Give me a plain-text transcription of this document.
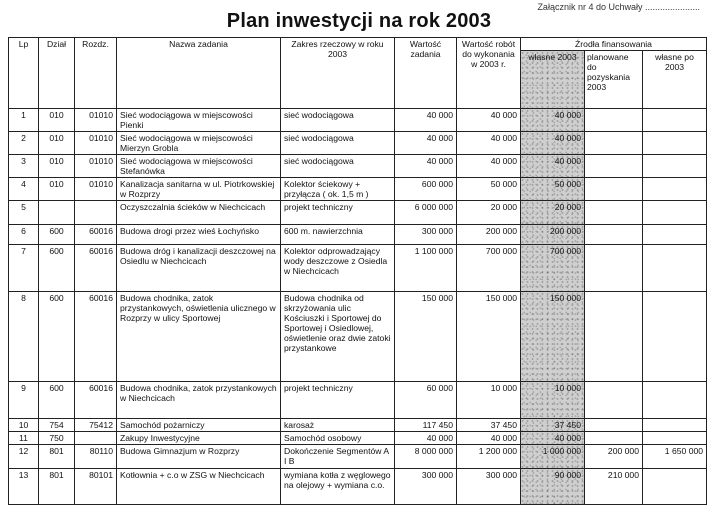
Załącznik nr 4 do Uchwały ......................
Plan inwestycji na rok 2003
Lp	Dział	Rozdz.	Nazwa zadania	Zakres rzeczowy w roku 2003	Wartość zadania	Wartość robót do wykonania w 2003 r.	Źrodła finansowania		
							własne 2003	planowane do pozyskania 2003	własne po 2003
1	010	01010	Sieć wodociągowa w miejscowości Pienki	sieć wodociągowa	40 000	40 000	40 000		
2	010	01010	Sieć wodociągowa w miejscowości Mierzyn Grobla	sieć wodociągowa	40 000	40 000	40 000		
3	010	01010	Sieć wodociągowa w miejscowości Stefanówka	sieć wodociągowa	40 000	40 000	40 000		
4	010	01010	Kanalizacja sanitarna w ul. Piotrkowskiej w Rozprzy	Kolektor ściekowy + przyłącza ( ok. 1,5 m )	600 000	50 000	50 000		
5			Oczyszczalnia ścieków w Niechcicach	projekt techniczny	6 000 000	20 000	20 000		
6	600	60016	Budowa drogi przez wieś Łochyńsko	600 m. nawierzchnia	300 000	200 000	200 000		
7	600	60016	Budowa dróg i kanalizacji deszczowej na Osiedlu w Niechcicach	Kolektor odprowadzający wody deszczowe z Osiedla w Niechcicach	1 100 000	700 000	700 000		
8	600	60016	Budowa chodnika, zatok przystankowych, oświetlenia ulicznego w Rozprzy w ulicy Sportowej	Budowa chodnika od skrzyżowania ulic Kościuszki i Sportowej do Sportowej i Osiedlowej, oświetlenie oraz dwie zatoki przystankowe	150 000	150 000	150 000		
9	600	60016	Budowa chodnika, zatok przystankowych w Niechcicach	projekt techniczny	60 000	10 000	10 000		
10	754	75412	Samochód pożarniczy	karosaż	117 450	37 450	37 450		
11	750		Zakupy Inwestycyjne	Samochód osobowy	40 000	40 000	40 000		
12	801	80110	Budowa Gimnazjum w Rozprzy	Dokończenie Segmentów A I B	8 000 000	1 200 000	1 000 000	200 000	1 650 000
13	801	80101	Kotłownia + c.o w ZSG w Niechcicach	wymiana kotła z węglowego na olejowy + wymiana c.o.	300 000	300 000	90 000	210 000	
